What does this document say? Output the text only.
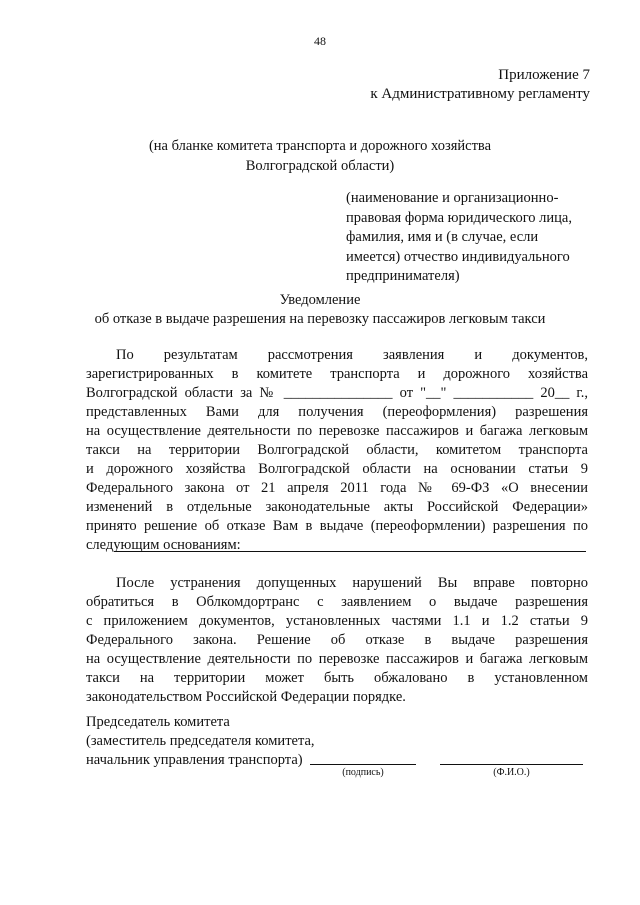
48
Приложение 7
к Административному регламенту
(на бланке комитета транспорта и дорожного хозяйства
Волгоградской области)
(наименование и организационно-
правовая форма юридического лица,
фамилия, имя и (в случае, если
имеется) отчество индивидуального
предпринимателя)
Уведомление
об отказе в выдаче разрешения на перевозку пассажиров легковым такси
По результатам рассмотрения заявления и документов,
зарегистрированных в комитете транспорта и дорожного хозяйства
Волгоградской области за № _______________ от "__" ___________ 20__ г.,
представленных Вами для получения (переоформления) разрешения
на осуществление деятельности по перевозке пассажиров и багажа легковым
такси на территории Волгоградской области, комитетом транспорта
и дорожного хозяйства Волгоградской области на основании статьи 9
Федерального закона от 21 апреля 2011 года № 69-ФЗ «О внесении
изменений в отдельные законодательные акты Российской Федерации»
принято решение об отказе Вам в выдаче (переоформлении) разрешения по
следующим основаниям:
После устранения допущенных нарушений Вы вправе повторно
обратиться в Облкомдортранс с заявлением о выдаче разрешения
с приложением документов, установленных частями 1.1 и 1.2 статьи 9
Федерального закона. Решение об отказе в выдаче разрешения
на осуществление деятельности по перевозке пассажиров и багажа легковым
такси на территории может быть обжаловано в установленном
законодательством Российской Федерации порядке.
Председатель комитета
(заместитель председателя комитета,
начальник управления транспорта)
(подпись)	(Ф.И.О.)
